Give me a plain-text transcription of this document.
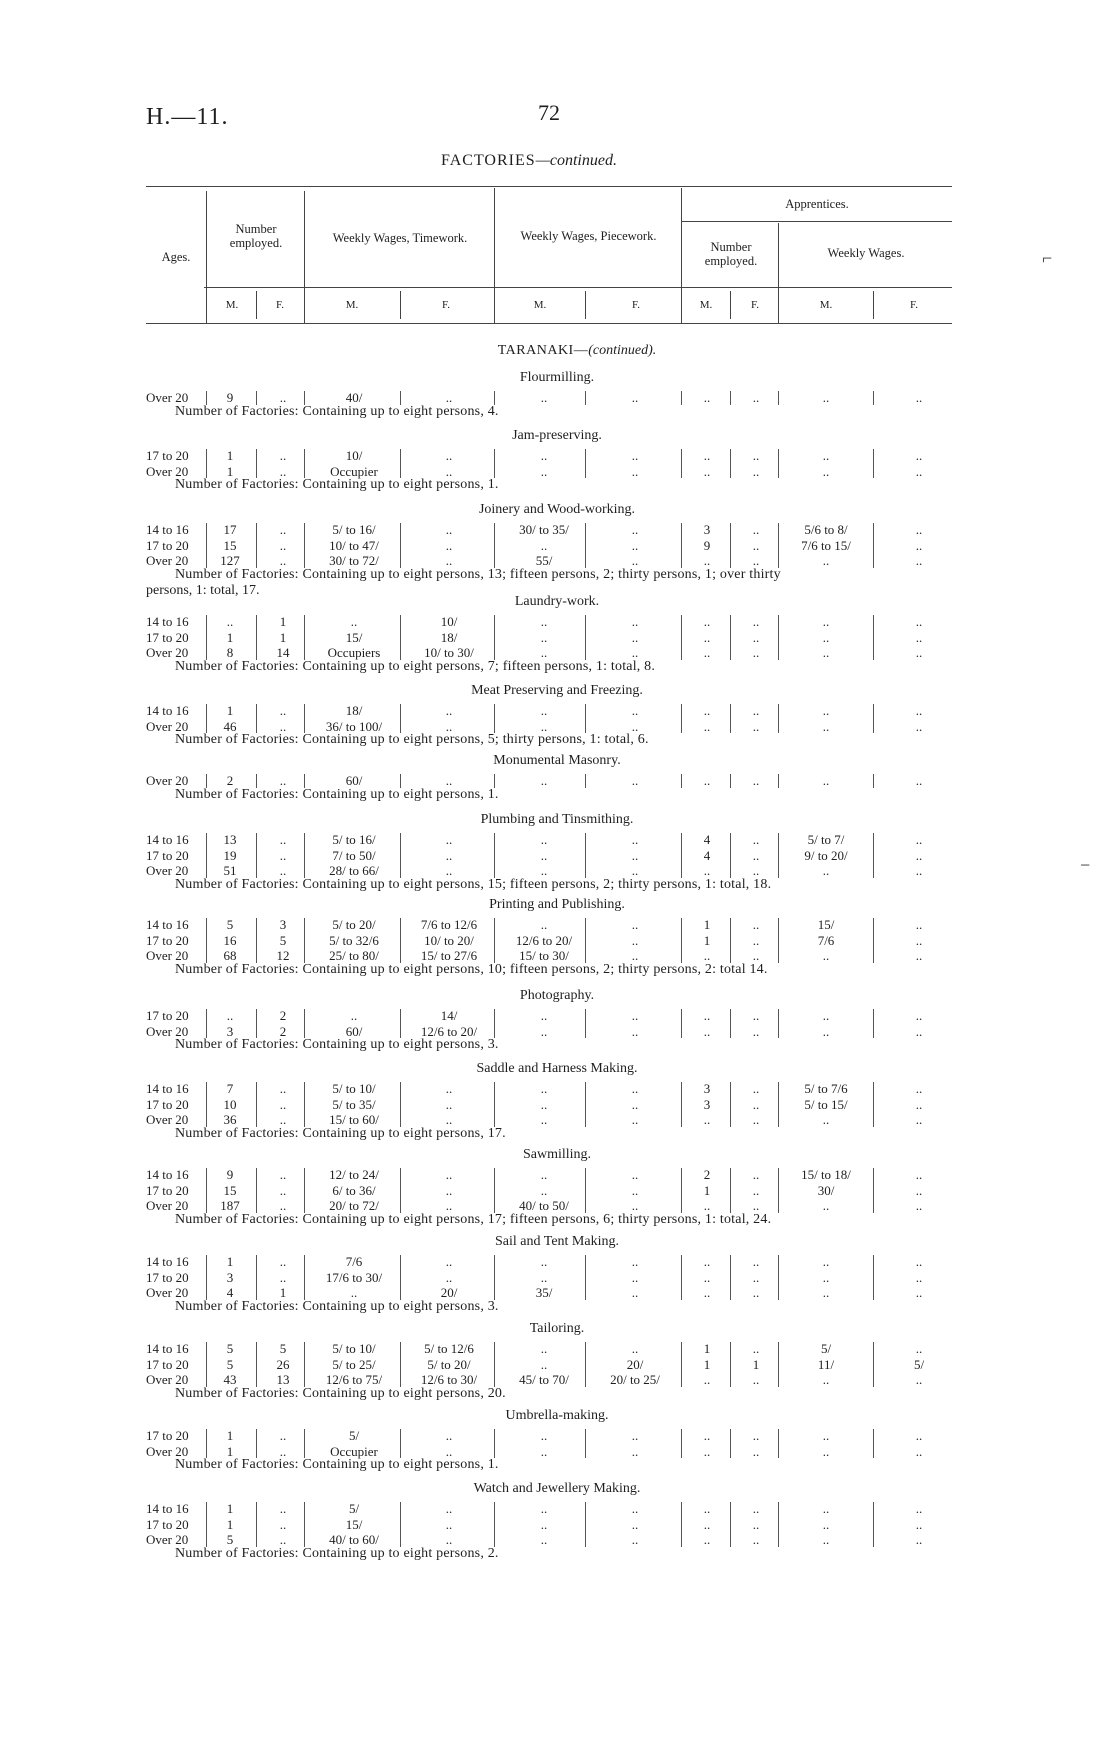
H.—11.	72
FACTORIES—continued.
Ages.
Number employed.	Weekly Wages, Timework.	Weekly Wages, Piecework.
Apprentices.
Number employed.
Weekly Wages.
M.	F.	M.	F.	M.	F.	M.	F.	M.	F.
TARANAKI—(continued).
Flourmilling.
Over 20	9	..	40/	..	..	..	..	..	..	..
Number of Factories: Containing up to eight persons, 4.
Jam-preserving.
17 to 20	1	..	10/	..	..	..	..	..	..	..
Over 20	1	..	Occupier	..	..	..	..	..	..	..
Number of Factories: Containing up to eight persons, 1.
Joinery and Wood-working.
14 to 16	17	..	5/ to 16/	..	30/ to 35/	..	3	..	5/6 to 8/	..
17 to 20	15	..	10/ to 47/	..	..	..	9	..	7/6 to 15/	..
Over 20	127	..	30/ to 72/	..	55/	..	..	..	..	..
Number of Factories: Containing up to eight persons, 13; fifteen persons, 2; thirty persons, 1; over thirty
persons, 1: total, 17.
Laundry-work.
14 to 16	..	1	..	10/	..	..	..	..	..	..
17 to 20	1	1	15/	18/	..	..	..	..	..	..
Over 20	8	14	Occupiers	10/ to 30/	..	..	..	..	..	..
Number of Factories: Containing up to eight persons, 7; fifteen persons, 1: total, 8.
Meat Preserving and Freezing.
14 to 16	1	..	18/	..	..	..	..	..	..	..
Over 20	46	..	36/ to 100/	..	..	..	..	..	..	..
Number of Factories: Containing up to eight persons, 5; thirty persons, 1: total, 6.
Monumental Masonry.
Over 20	2	..	60/	..	..	..	..	..	..	..
Number of Factories: Containing up to eight persons, 1.
Plumbing and Tinsmithing.
14 to 16	13	..	5/ to 16/	..	..	..	4	..	5/ to 7/	..
17 to 20	19	..	7/ to 50/	..	..	..	4	..	9/ to 20/	..
Over 20	51	..	28/ to 66/	..	..	..	..	..	..	..
Number of Factories: Containing up to eight persons, 15; fifteen persons, 2; thirty persons, 1: total, 18.
Printing and Publishing.
14 to 16	5	3	5/ to 20/	7/6 to 12/6	..	..	1	..	15/	..
17 to 20	16	5	5/ to 32/6	10/ to 20/	12/6 to 20/	..	1	..	7/6	..
Over 20	68	12	25/ to 80/	15/ to 27/6	15/ to 30/	..	..	..	..	..
Number of Factories: Containing up to eight persons, 10; fifteen persons, 2; thirty persons, 2: total 14.
Photography.
17 to 20	..	2	..	14/	..	..	..	..	..	..
Over 20	3	2	60/	12/6 to 20/	..	..	..	..	..	..
Number of Factories: Containing up to eight persons, 3.
Saddle and Harness Making.
14 to 16	7	..	5/ to 10/	..	..	..	3	..	5/ to 7/6	..
17 to 20	10	..	5/ to 35/	..	..	..	3	..	5/ to 15/	..
Over 20	36	..	15/ to 60/	..	..	..	..	..	..	..
Number of Factories: Containing up to eight persons, 17.
Sawmilling.
14 to 16	9	..	12/ to 24/	..	..	..	2	..	15/ to 18/	..
17 to 20	15	..	6/ to 36/	..	..	..	1	..	30/	..
Over 20	187	..	20/ to 72/	..	40/ to 50/	..	..	..	..	..
Number of Factories: Containing up to eight persons, 17; fifteen persons, 6; thirty persons, 1: total, 24.
Sail and Tent Making.
14 to 16	1	..	7/6	..	..	..	..	..	..	..
17 to 20	3	..	17/6 to 30/	..	..	..	..	..	..	..
Over 20	4	1	..	20/	35/	..	..	..	..	..
Number of Factories: Containing up to eight persons, 3.
Tailoring.
14 to 16	5	5	5/ to 10/	5/ to 12/6	..	..	1	..	5/	..
17 to 20	5	26	5/ to 25/	5/ to 20/	..	20/	1	1	11/	5/
Over 20	43	13	12/6 to 75/	12/6 to 30/	45/ to 70/	20/ to 25/	..	..	..	..
Number of Factories: Containing up to eight persons, 20.
Umbrella-making.
17 to 20	1	..	5/	..	..	..	..	..	..	..
Over 20	1	..	Occupier	..	..	..	..	..	..	..
Number of Factories: Containing up to eight persons, 1.
Watch and Jewellery Making.
14 to 16	1	..	5/	..	..	..	..	..	..	..
17 to 20	1	..	15/	..	..	..	..	..	..	..
Over 20	5	..	40/ to 60/	..	..	..	..	..	..	..
Number of Factories: Containing up to eight persons, 2.
⌐
−
